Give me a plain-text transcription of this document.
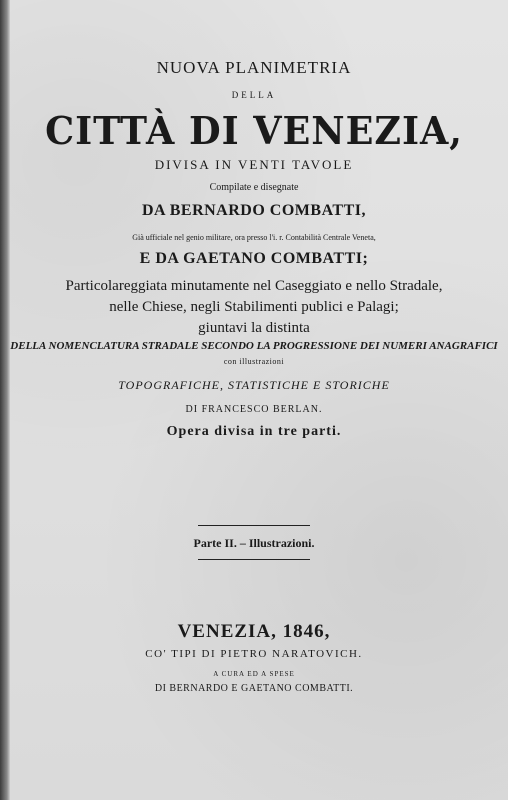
NUOVA PLANIMETRIA
DELLA
CITTÀ DI VENEZIA,
DIVISA IN VENTI TAVOLE
Compilate e disegnate
DA BERNARDO COMBATTI,
Già ufficiale nel genio militare, ora presso l'i. r. Contabilità Centrale Veneta,
E DA GAETANO COMBATTI;
Particolareggiata minutamente nel Caseggiato e nello Stradale,
nelle Chiese, negli Stabilimenti publici e Palagi;
giuntavi la distinta
DELLA NOMENCLATURA STRADALE SECONDO LA PROGRESSIONE DEI NUMERI ANAGRAFICI
con illustrazioni
TOPOGRAFICHE, STATISTICHE E STORICHE
DI FRANCESCO BERLAN.
Opera divisa in tre parti.
Parte II. – Illustrazioni.
VENEZIA, 1846,
CO' TIPI DI PIETRO NARATOVICH.
A CURA ED A SPESE
DI BERNARDO E GAETANO COMBATTI.
